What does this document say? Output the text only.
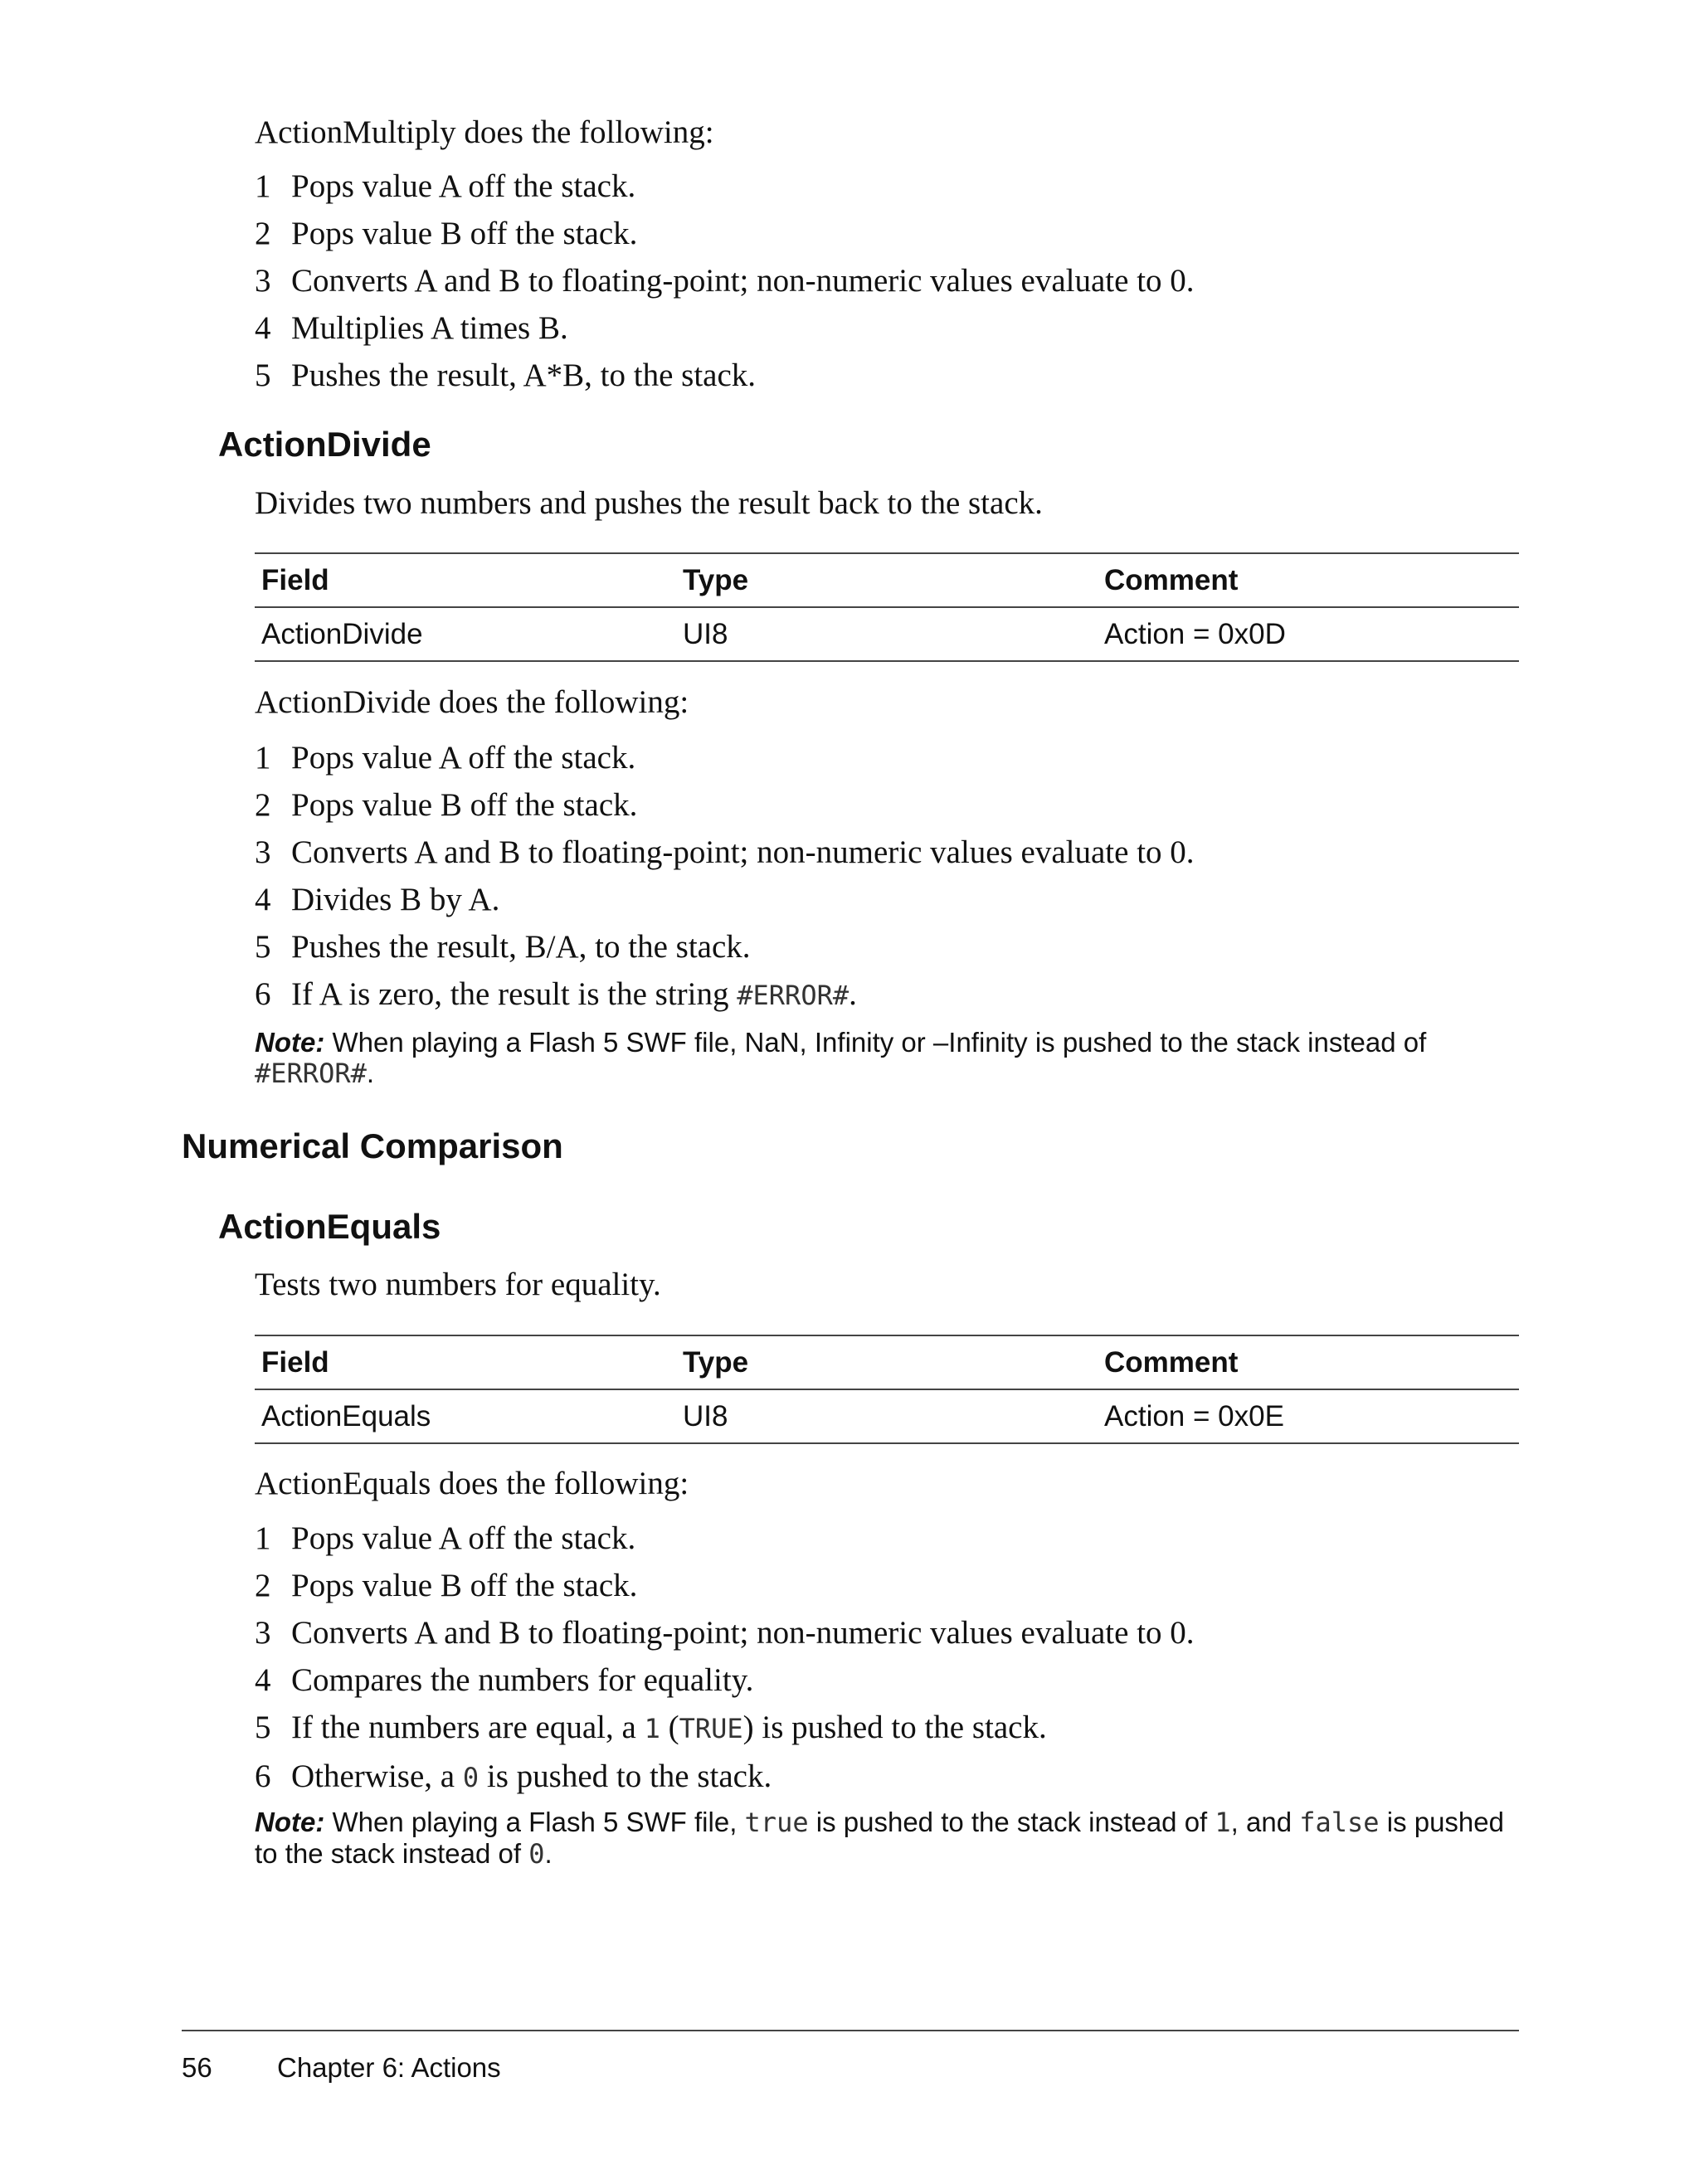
ActionMultiply does the following:

1 Pops value A off the stack.
2 Pops value B off the stack.
3 Converts A and B to floating-point; non-numeric values evaluate to 0.
4 Multiplies A times B.
5 Pushes the result, A*B, to the stack.
ActionDivide

Divides two numbers and pushes the result back to the stack.

Field	Type	Comment
ActionDivide	UI8	Action = 0x0D

ActionDivide does the following:

1 Pops value A off the stack.
2 Pops value B off the stack.
3 Converts A and B to floating-point; non-numeric values evaluate to 0.
4 Divides B by A.
5 Pushes the result, B/A, to the stack.
6 If A is zero, the result is the string #ERROR#.

Note: When playing a Flash 5 SWF file, NaN, Infinity or –Infinity is pushed to the stack instead of #ERROR#.

Numerical Comparison
ActionEquals

Tests two numbers for equality.

Field	Type	Comment
ActionEquals	UI8	Action = 0x0E

ActionEquals does the following:

1 Pops value A off the stack.
2 Pops value B off the stack.
3 Converts A and B to floating-point; non-numeric values evaluate to 0.
4 Compares the numbers for equality.
5 If the numbers are equal, a 1 (TRUE) is pushed to the stack.
6 Otherwise, a 0 is pushed to the stack.

Note: When playing a Flash 5 SWF file, true is pushed to the stack instead of 1, and false is pushed to the stack instead of 0.

56 Chapter 6: Actions
